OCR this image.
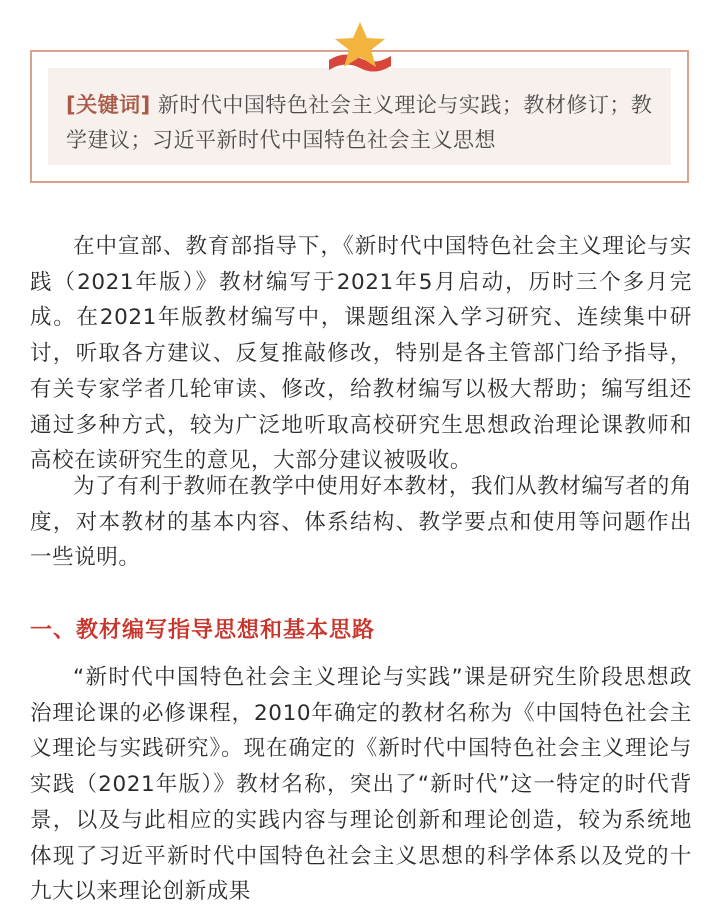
[关键词] 新时代中国特色社会主义理论与实践；教材修订；教学建议；习近平新时代中国特色社会主义思想

在中宣部、教育部指导下，《新时代中国特色社会主义理论与实践（2021年版）》教材编写于2021年5月启动，历时三个多月完成。在2021年版教材编写中，课题组深入学习研究、连续集中研讨，听取各方建议、反复推敲修改，特别是各主管部门给予指导，有关专家学者几轮审读、修改，给教材编写以极大帮助；编写组还通过多种方式，较为广泛地听取高校研究生思想政治理论课教师和高校在读研究生的意见，大部分建议被吸收。

为了有利于教师在教学中使用好本教材，我们从教材编写者的角度，对本教材的基本内容、体系结构、教学要点和使用等问题作出一些说明。

一、教材编写指导思想和基本思路

“新时代中国特色社会主义理论与实践”课是研究生阶段思想政治理论课的必修课程，2010年确定的教材名称为《中国特色社会主义理论与实践研究》。现在确定的《新时代中国特色社会主义理论与实践（2021年版）》教材名称，突出了“新时代”这一特定的时代背景，以及与此相应的实践内容与理论创新和理论创造，较为系统地体现了习近平新时代中国特色社会主义思想的科学体系以及党的十九大以来理论创新成果
